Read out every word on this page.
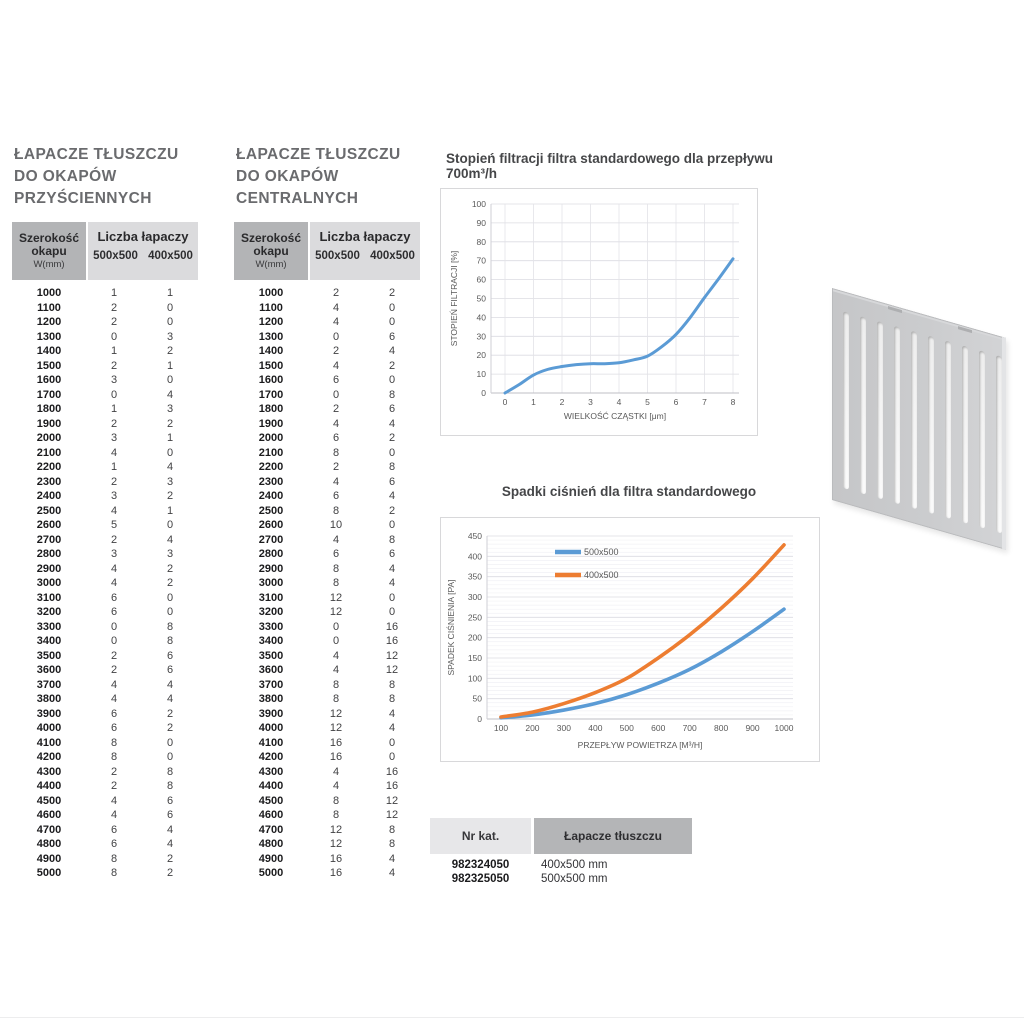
ŁAPACZE TŁUSZCZU
DO OKAPÓW
PRZYŚCIENNYCH
Szerokość
okapu
W(mm)
Liczba łapaczy
500x500 400x500
1000	1	1
1100	2	0
1200	2	0
1300	0	3
1400	1	2
1500	2	1
1600	3	0
1700	0	4
1800	1	3
1900	2	2
2000	3	1
2100	4	0
2200	1	4
2300	2	3
2400	3	2
2500	4	1
2600	5	0
2700	2	4
2800	3	3
2900	4	2
3000	4	2
3100	6	0
3200	6	0
3300	0	8
3400	0	8
3500	2	6
3600	2	6
3700	4	4
3800	4	4
3900	6	2
4000	6	2
4100	8	0
4200	8	0
4300	2	8
4400	2	8
4500	4	6
4600	4	6
4700	6	4
4800	6	4
4900	8	2
5000	8	2
ŁAPACZE TŁUSZCZU
DO OKAPÓW
CENTRALNYCH
Szerokość
okapu
W(mm)
Liczba łapaczy
500x500 400x500
1000	2	2
1100	4	0
1200	4	0
1300	0	6
1400	2	4
1500	4	2
1600	6	0
1700	0	8
1800	2	6
1900	4	4
2000	6	2
2100	8	0
2200	2	8
2300	4	6
2400	6	4
2500	8	2
2600	10	0
2700	4	8
2800	6	6
2900	8	4
3000	8	4
3100	12	0
3200	12	0
3300	0	16
3400	0	16
3500	4	12
3600	4	12
3700	8	8
3800	8	8
3900	12	4
4000	12	4
4100	16	0
4200	16	0
4300	4	16
4400	4	16
4500	8	12
4600	8	12
4700	12	8
4800	12	8
4900	16	4
5000	16	4
Stopień filtracji filtra standardowego dla przepływu 700m³/h
0
10
20
30
40
50
60
70
80
90
100
0	1	2	3	4	5	6	7	8
WIELKOŚĆ CZĄSTKI [μm]
STOPIEŃ FILTRACJI [%]
Spadki ciśnień dla filtra standardowego
0
50
100
150
200
250
300
350
400
450
100 200 300 400 500 600 700 800 900 1000
PRZEPŁYW POWIETRZA [M³/H]
SPADEK CIŚNIENIA [PA]
500x500
400x500
Nr kat.	Łapacze tłuszczu
982324050	400x500 mm
982325050	500x500 mm
